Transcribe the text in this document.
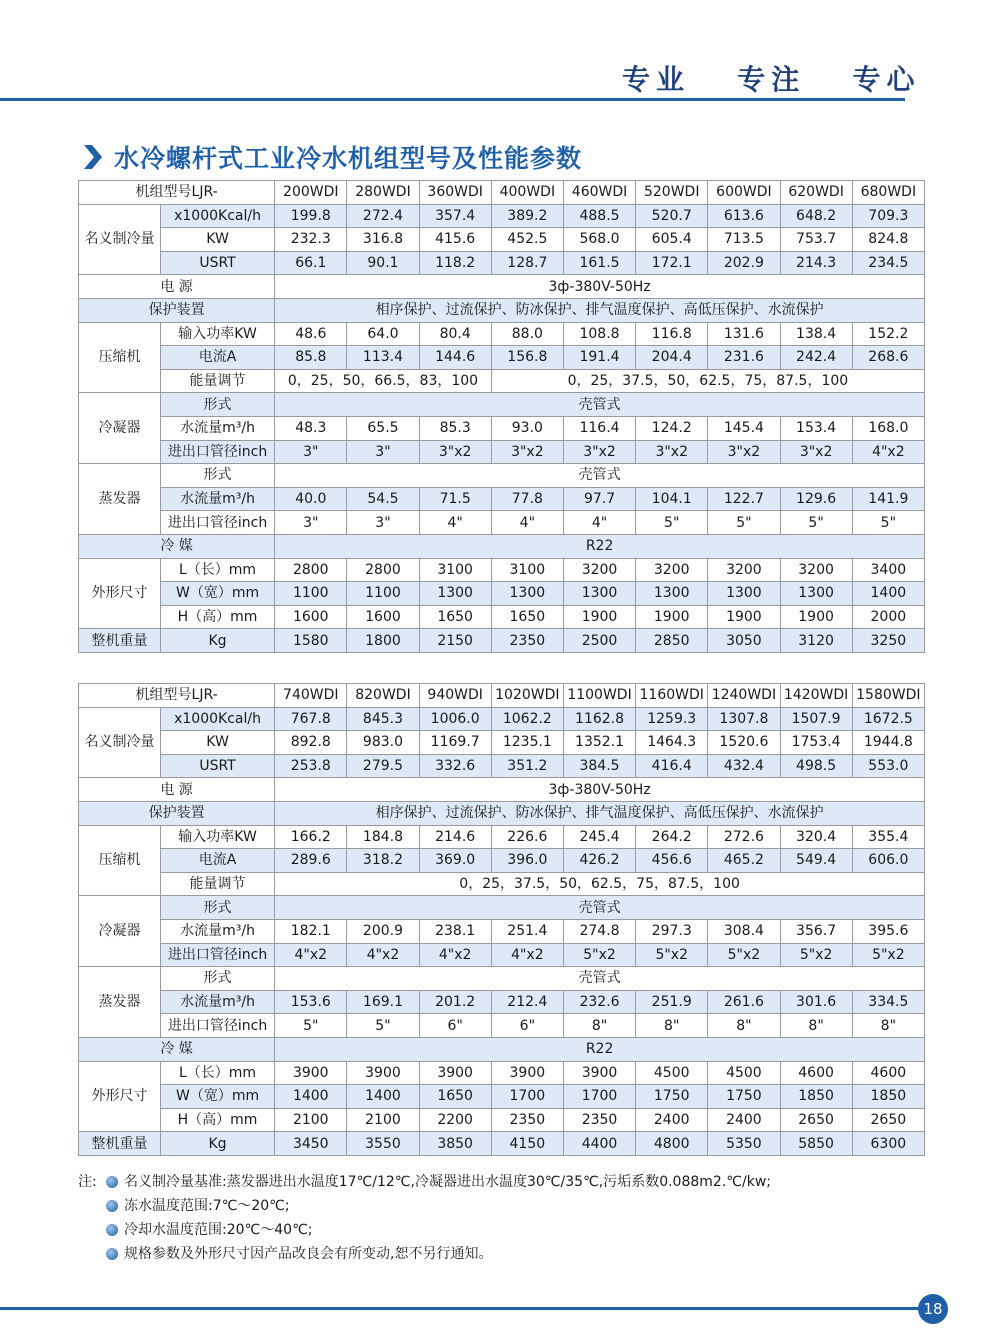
专业   专注   专心
水冷螺杆式工业冷水机组型号及性能参数
机组型号LJR-		200WDI	280WDI	360WDI	400WDI	460WDI	520WDI	600WDI	620WDI	680WDI
名义制冷量	x1000Kcal/h	199.8	272.4	357.4	389.2	488.5	520.7	613.6	648.2	709.3
	KW	232.3	316.8	415.6	452.5	568.0	605.4	713.5	753.7	824.8
	USRT	66.1	90.1	118.2	128.7	161.5	172.1	202.9	214.3	234.5
电 源		3ф-380V-50Hz								
保护装置		相序保护、过流保护、防冰保护、排气温度保护、高低压保护、水流保护								
压缩机	输入功率KW	48.6	64.0	80.4	88.0	108.8	116.8	131.6	138.4	152.2
	电流A	85.8	113.4	144.6	156.8	191.4	204.4	231.6	242.4	268.6
	能量调节	0，25，50，66.5，83，100			0，25，37.5，50，62.5，75，87.5，100					
冷凝器	形式	壳管式								
	水流量m³/h	48.3	65.5	85.3	93.0	116.4	124.2	145.4	153.4	168.0
	进出口管径inch	3"	3"	3"x2	3"x2	3"x2	3"x2	3"x2	3"x2	4"x2
蒸发器	形式	壳管式								
	水流量m³/h	40.0	54.5	71.5	77.8	97.7	104.1	122.7	129.6	141.9
	进出口管径inch	3"	3"	4"	4"	4"	5"	5"	5"	5"
冷 媒		R22								
外形尺寸	L（长）mm	2800	2800	3100	3100	3200	3200	3200	3200	3400
	W（宽）mm	1100	1100	1300	1300	1300	1300	1300	1300	1400
	H（高）mm	1600	1600	1650	1650	1900	1900	1900	1900	2000
整机重量	Kg	1580	1800	2150	2350	2500	2850	3050	3120	3250
机组型号LJR-		740WDI	820WDI	940WDI	1020WDI	1100WDI	1160WDI	1240WDI	1420WDI	1580WDI
名义制冷量	x1000Kcal/h	767.8	845.3	1006.0	1062.2	1162.8	1259.3	1307.8	1507.9	1672.5
	KW	892.8	983.0	1169.7	1235.1	1352.1	1464.3	1520.6	1753.4	1944.8
	USRT	253.8	279.5	332.6	351.2	384.5	416.4	432.4	498.5	553.0
电 源		3ф-380V-50Hz								
保护装置		相序保护、过流保护、防冰保护、排气温度保护、高低压保护、水流保护								
压缩机	输入功率KW	166.2	184.8	214.6	226.6	245.4	264.2	272.6	320.4	355.4
	电流A	289.6	318.2	369.0	396.0	426.2	456.6	465.2	549.4	606.0
	能量调节	0，25，37.5，50，62.5，75，87.5，100								
冷凝器	形式	壳管式								
	水流量m³/h	182.1	200.9	238.1	251.4	274.8	297.3	308.4	356.7	395.6
	进出口管径inch	4"x2	4"x2	4"x2	4"x2	5"x2	5"x2	5"x2	5"x2	5"x2
蒸发器	形式	壳管式								
	水流量m³/h	153.6	169.1	201.2	212.4	232.6	251.9	261.6	301.6	334.5
	进出口管径inch	5"	5"	6"	6"	8"	8"	8"	8"	8"
冷 媒		R22								
外形尺寸	L（长）mm	3900	3900	3900	3900	3900	4500	4500	4600	4600
	W（宽）mm	1400	1400	1650	1700	1700	1750	1750	1850	1850
	H（高）mm	2100	2100	2200	2350	2350	2400	2400	2650	2650
整机重量	Kg	3450	3550	3850	4150	4400	4800	5350	5850	6300
注:	名义制冷量基准:蒸发器进出水温度17℃/12℃,冷凝器进出水温度30℃/35℃,污垢系数0.088m2.℃/kw;
冻水温度范围:7℃～20℃;
冷却水温度范围:20℃～40℃;
规格参数及外形尺寸因产品改良会有所变动,恕不另行通知。
18
